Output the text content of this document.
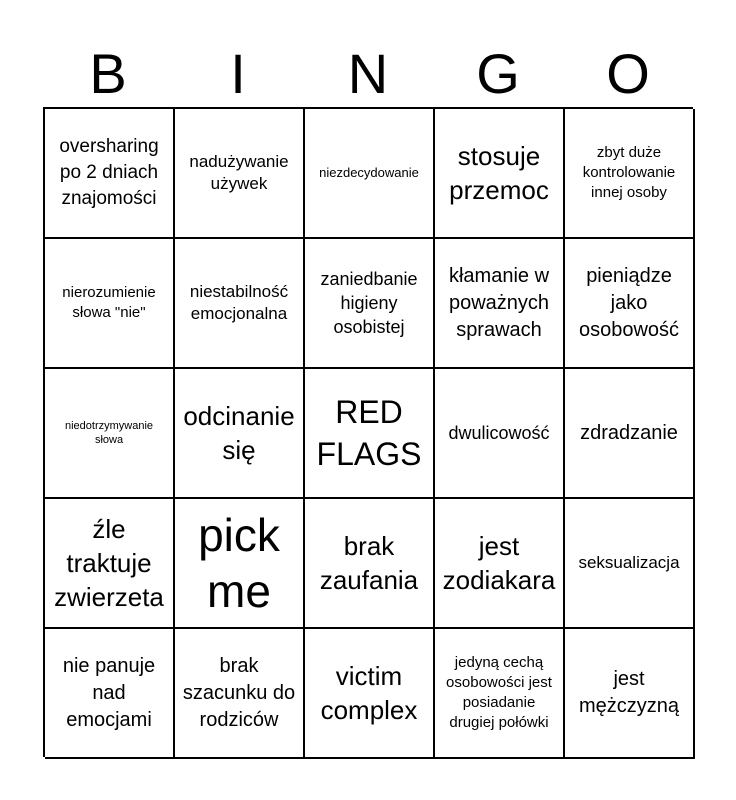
B	I	N	G	O
oversharing po 2 dniach znajomości
nadużywanie używek
niezdecydowanie
stosuje przemoc
zbyt duże kontrolowanie innej osoby
nierozumienie słowa "nie"
niestabilność emocjonalna
zaniedbanie higieny osobistej
kłamanie w poważnych sprawach
pieniądze jako osobowość
niedotrzymywanie słowa
odcinanie się
RED FLAGS
dwulicowość zdradzanie
źle traktuje zwierzeta
pick me
brak zaufania
jest zodiakara
seksualizacja
nie panuje nad emocjami
brak szacunku do rodziców
victim complex
jedyną cechą osobowości jest posiadanie drugiej połówki
jest mężczyzną
